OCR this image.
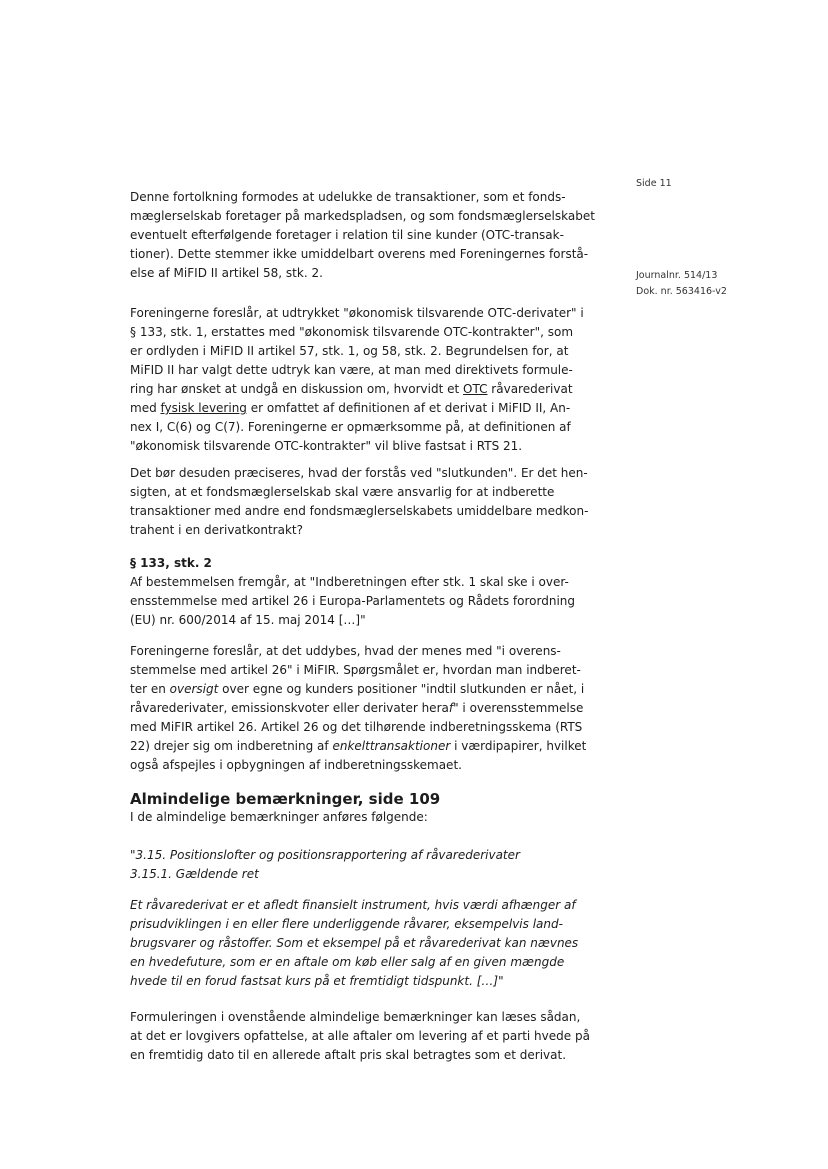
Side 11
Journalnr. 514/13
Dok. nr. 563416-v2

Denne fortolkning formodes at udelukke de transaktioner, som et fonds-
mæglerselskab foretager på markedspladsen, og som fondsmæglerselskabet
eventuelt efterfølgende foretager i relation til sine kunder (OTC-transak-
tioner). Dette stemmer ikke umiddelbart overens med Foreningernes forstå-
else af MiFID II artikel 58, stk. 2.

Foreningerne foreslår, at udtrykket "økonomisk tilsvarende OTC-derivater" i
§ 133, stk. 1, erstattes med "økonomisk tilsvarende OTC-kontrakter", som
er ordlyden i MiFID II artikel 57, stk. 1, og 58, stk. 2. Begrundelsen for, at
MiFID II har valgt dette udtryk kan være, at man med direktivets formule-
ring har ønsket at undgå en diskussion om, hvorvidt et OTC råvarederivat
med fysisk levering er omfattet af definitionen af et derivat i MiFID II, An-
nex I, C(6) og C(7). Foreningerne er opmærksomme på, at definitionen af
"økonomisk tilsvarende OTC-kontrakter" vil blive fastsat i RTS 21.

Det bør desuden præciseres, hvad der forstås ved "slutkunden". Er det hen-
sigten, at et fondsmæglerselskab skal være ansvarlig for at indberette
transaktioner med andre end fondsmæglerselskabets umiddelbare medkon-
trahent i en derivatkontrakt?

§ 133, stk. 2
Af bestemmelsen fremgår, at "Indberetningen efter stk. 1 skal ske i over-
ensstemmelse med artikel 26 i Europa-Parlamentets og Rådets forordning
(EU) nr. 600/2014 af 15. maj 2014 […]"

Foreningerne foreslår, at det uddybes, hvad der menes med "i overens-
stemmelse med artikel 26" i MiFIR. Spørgsmålet er, hvordan man indberet-
ter en oversigt over egne og kunders positioner "indtil slutkunden er nået, i
råvarederivater, emissionskvoter eller derivater heraf" i overensstemmelse
med MiFIR artikel 26. Artikel 26 og det tilhørende indberetningsskema (RTS
22) drejer sig om indberetning af enkelttransaktioner i værdipapirer, hvilket
også afspejles i opbygningen af indberetningsskemaet.

Almindelige bemærkninger, side 109

I de almindelige bemærkninger anføres følgende:

"3.15. Positionslofter og positionsrapportering af råvarederivater
3.15.1. Gældende ret

Et råvarederivat er et afledt finansielt instrument, hvis værdi afhænger af
prisudviklingen i en eller flere underliggende råvarer, eksempelvis land-
brugsvarer og råstoffer. Som et eksempel på et råvarederivat kan nævnes
en hvedefuture, som er en aftale om køb eller salg af en given mængde
hvede til en forud fastsat kurs på et fremtidigt tidspunkt. […]"

Formuleringen i ovenstående almindelige bemærkninger kan læses sådan,
at det er lovgivers opfattelse, at alle aftaler om levering af et parti hvede på
en fremtidig dato til en allerede aftalt pris skal betragtes som et derivat.
